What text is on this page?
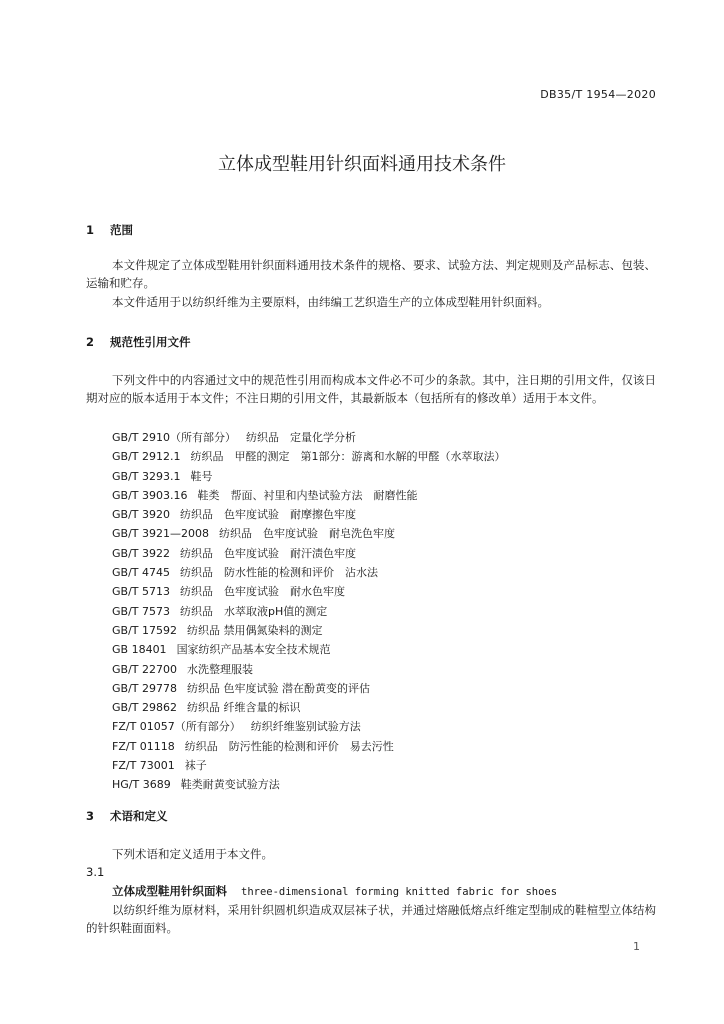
DB35/T 1954—2020
立体成型鞋用针织面料通用技术条件
1 范围

本文件规定了立体成型鞋用针织面料通用技术条件的规格、要求、试验方法、判定规则及产品标志、包装、运输和贮存。

本文件适用于以纺织纤维为主要原料，由纬编工艺织造生产的立体成型鞋用针织面料。

2 规范性引用文件

下列文件中的内容通过文中的规范性引用而构成本文件必不可少的条款。其中，注日期的引用文件，仅该日期对应的版本适用于本文件；不注日期的引用文件，其最新版本（包括所有的修改单）适用于本文件。

GB/T 2910（所有部分） 纺织品　定量化学分析
GB/T 2912.1 纺织品　甲醛的测定　第1部分：游离和水解的甲醛（水萃取法）
GB/T 3293.1 鞋号
GB/T 3903.16 鞋类　帮面、衬里和内垫试验方法　耐磨性能
GB/T 3920 纺织品　色牢度试验　耐摩擦色牢度
GB/T 3921—2008 纺织品　色牢度试验　耐皂洗色牢度
GB/T 3922 纺织品　色牢度试验　耐汗渍色牢度
GB/T 4745 纺织品　防水性能的检测和评价　沾水法
GB/T 5713 纺织品　色牢度试验　耐水色牢度
GB/T 7573 纺织品　水萃取液pH值的测定
GB/T 17592 纺织品 禁用偶氮染料的测定
GB 18401 国家纺织产品基本安全技术规范
GB/T 22700 水洗整理服装
GB/T 29778 纺织品 色牢度试验 潜在酚黄变的评估
GB/T 29862 纺织品 纤维含量的标识
FZ/T 01057（所有部分） 纺织纤维鉴别试验方法
FZ/T 01118 纺织品　防污性能的检测和评价　易去污性
FZ/T 73001 袜子
HG/T 3689 鞋类耐黄变试验方法
3 术语和定义

下列术语和定义适用于本文件。

3.1
立体成型鞋用针织面料 three-dimensional forming knitted fabric for shoes

以纺织纤维为原材料，采用针织圆机织造成双层袜子状，并通过熔融低熔点纤维定型制成的鞋楦型立体结构的针织鞋面面料。

1
